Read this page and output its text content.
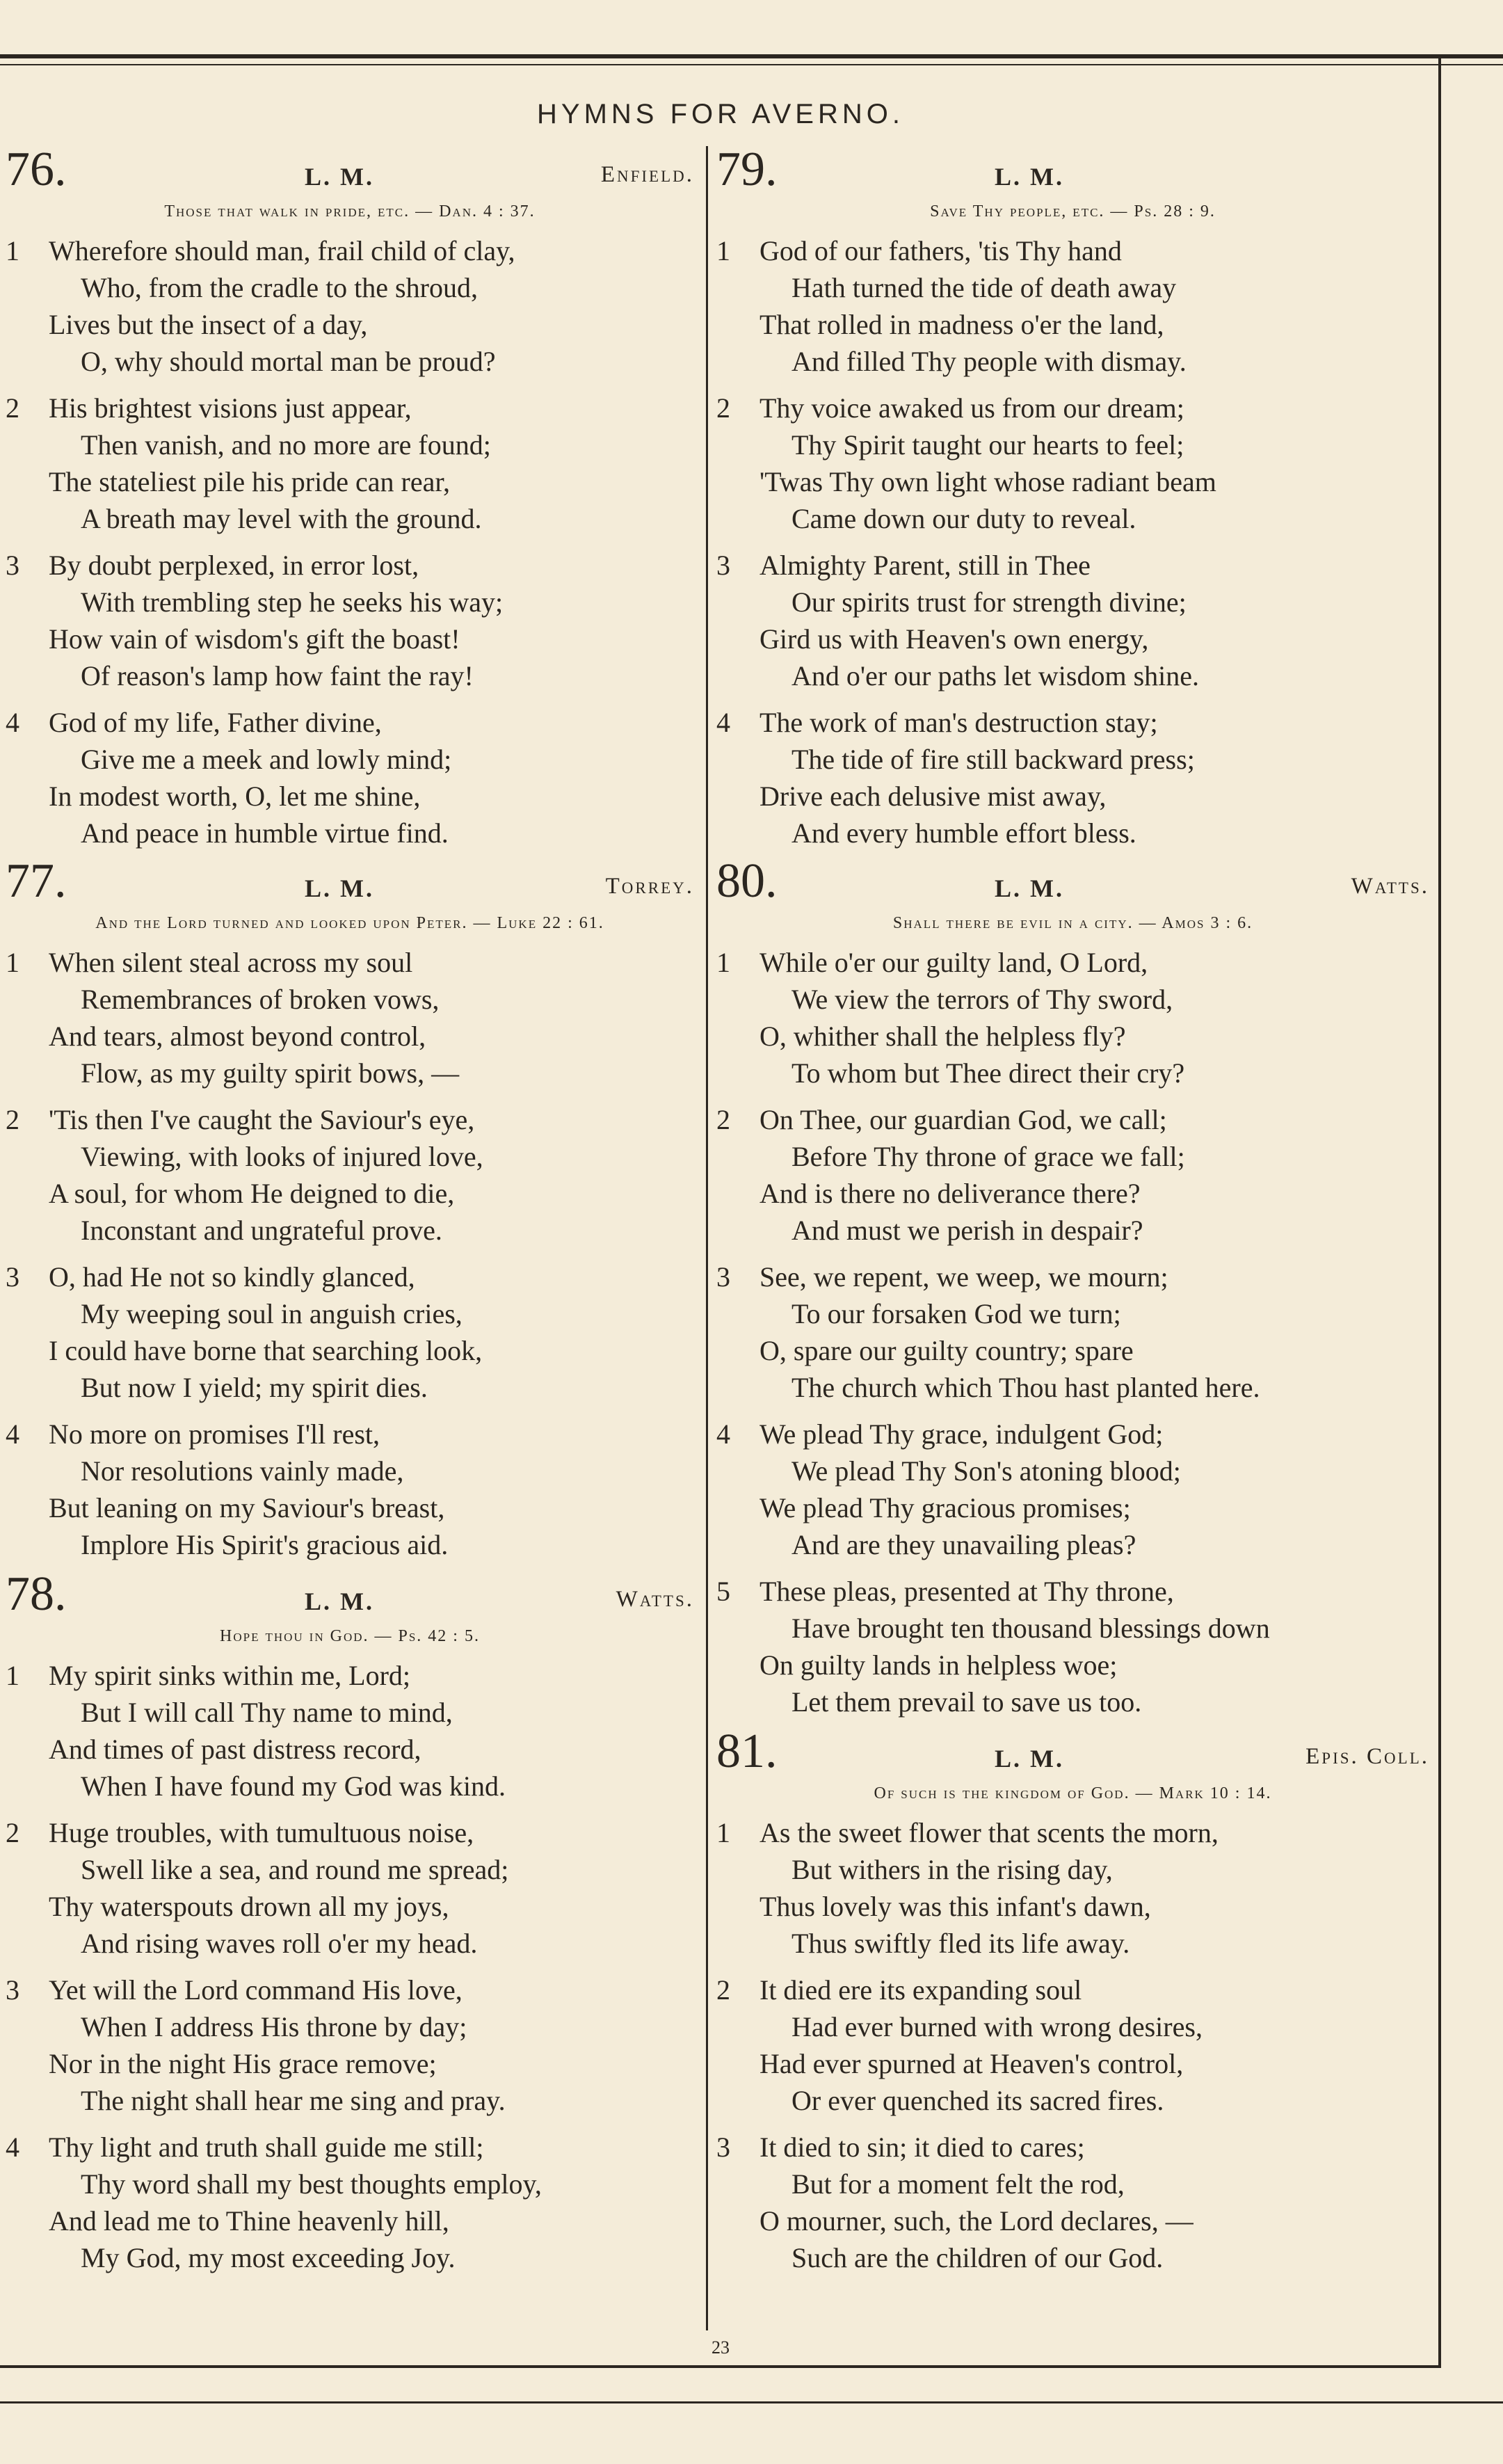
HYMNS FOR AVERNO.
76.	L. M.	Enfield.
Those that walk in pride, etc. — Dan. 4 : 37.
1	Wherefore should man, frail child of clay,
Who, from the cradle to the shroud,
Lives but the insect of a day,
O, why should mortal man be proud?
2	His brightest visions just appear,
Then vanish, and no more are found;
The stateliest pile his pride can rear,
A breath may level with the ground.
3	By doubt perplexed, in error lost,
With trembling step he seeks his way;
How vain of wisdom's gift the boast!
Of reason's lamp how faint the ray!
4	God of my life, Father divine,
Give me a meek and lowly mind;
In modest worth, O, let me shine,
And peace in humble virtue find.
77.	L. M.	Torrey.
And the Lord turned and looked upon Peter. — Luke 22 : 61.
1	When silent steal across my soul
Remembrances of broken vows,
And tears, almost beyond control,
Flow, as my guilty spirit bows, —
2	'Tis then I've caught the Saviour's eye,
Viewing, with looks of injured love,
A soul, for whom He deigned to die,
Inconstant and ungrateful prove.
3	O, had He not so kindly glanced,
My weeping soul in anguish cries,
I could have borne that searching look,
But now I yield; my spirit dies.
4	No more on promises I'll rest,
Nor resolutions vainly made,
But leaning on my Saviour's breast,
Implore His Spirit's gracious aid.
78.	L. M.	Watts.
Hope thou in God. — Ps. 42 : 5.
1	My spirit sinks within me, Lord;
But I will call Thy name to mind,
And times of past distress record,
When I have found my God was kind.
2	Huge troubles, with tumultuous noise,
Swell like a sea, and round me spread;
Thy waterspouts drown all my joys,
And rising waves roll o'er my head.
3	Yet will the Lord command His love,
When I address His throne by day;
Nor in the night His grace remove;
The night shall hear me sing and pray.
4	Thy light and truth shall guide me still;
Thy word shall my best thoughts employ,
And lead me to Thine heavenly hill,
My God, my most exceeding Joy.
79.	L. M.
Save Thy people, etc. — Ps. 28 : 9.
1	God of our fathers, 'tis Thy hand
Hath turned the tide of death away
That rolled in madness o'er the land,
And filled Thy people with dismay.
2	Thy voice awaked us from our dream;
Thy Spirit taught our hearts to feel;
'Twas Thy own light whose radiant beam
Came down our duty to reveal.
3	Almighty Parent, still in Thee
Our spirits trust for strength divine;
Gird us with Heaven's own energy,
And o'er our paths let wisdom shine.
4	The work of man's destruction stay;
The tide of fire still backward press;
Drive each delusive mist away,
And every humble effort bless.
80.	L. M.	Watts.
Shall there be evil in a city. — Amos 3 : 6.
1	While o'er our guilty land, O Lord,
We view the terrors of Thy sword,
O, whither shall the helpless fly?
To whom but Thee direct their cry?
2	On Thee, our guardian God, we call;
Before Thy throne of grace we fall;
And is there no deliverance there?
And must we perish in despair?
3	See, we repent, we weep, we mourn;
To our forsaken God we turn;
O, spare our guilty country; spare
The church which Thou hast planted here.
4	We plead Thy grace, indulgent God;
We plead Thy Son's atoning blood;
We plead Thy gracious promises;
And are they unavailing pleas?
5	These pleas, presented at Thy throne,
Have brought ten thousand blessings down
On guilty lands in helpless woe;
Let them prevail to save us too.
81.	L. M.	Epis. Coll.
Of such is the kingdom of God. — Mark 10 : 14.
1	As the sweet flower that scents the morn,
But withers in the rising day,
Thus lovely was this infant's dawn,
Thus swiftly fled its life away.
2	It died ere its expanding soul
Had ever burned with wrong desires,
Had ever spurned at Heaven's control,
Or ever quenched its sacred fires.
3	It died to sin; it died to cares;
But for a moment felt the rod,
O mourner, such, the Lord declares, —
Such are the children of our God.
23
